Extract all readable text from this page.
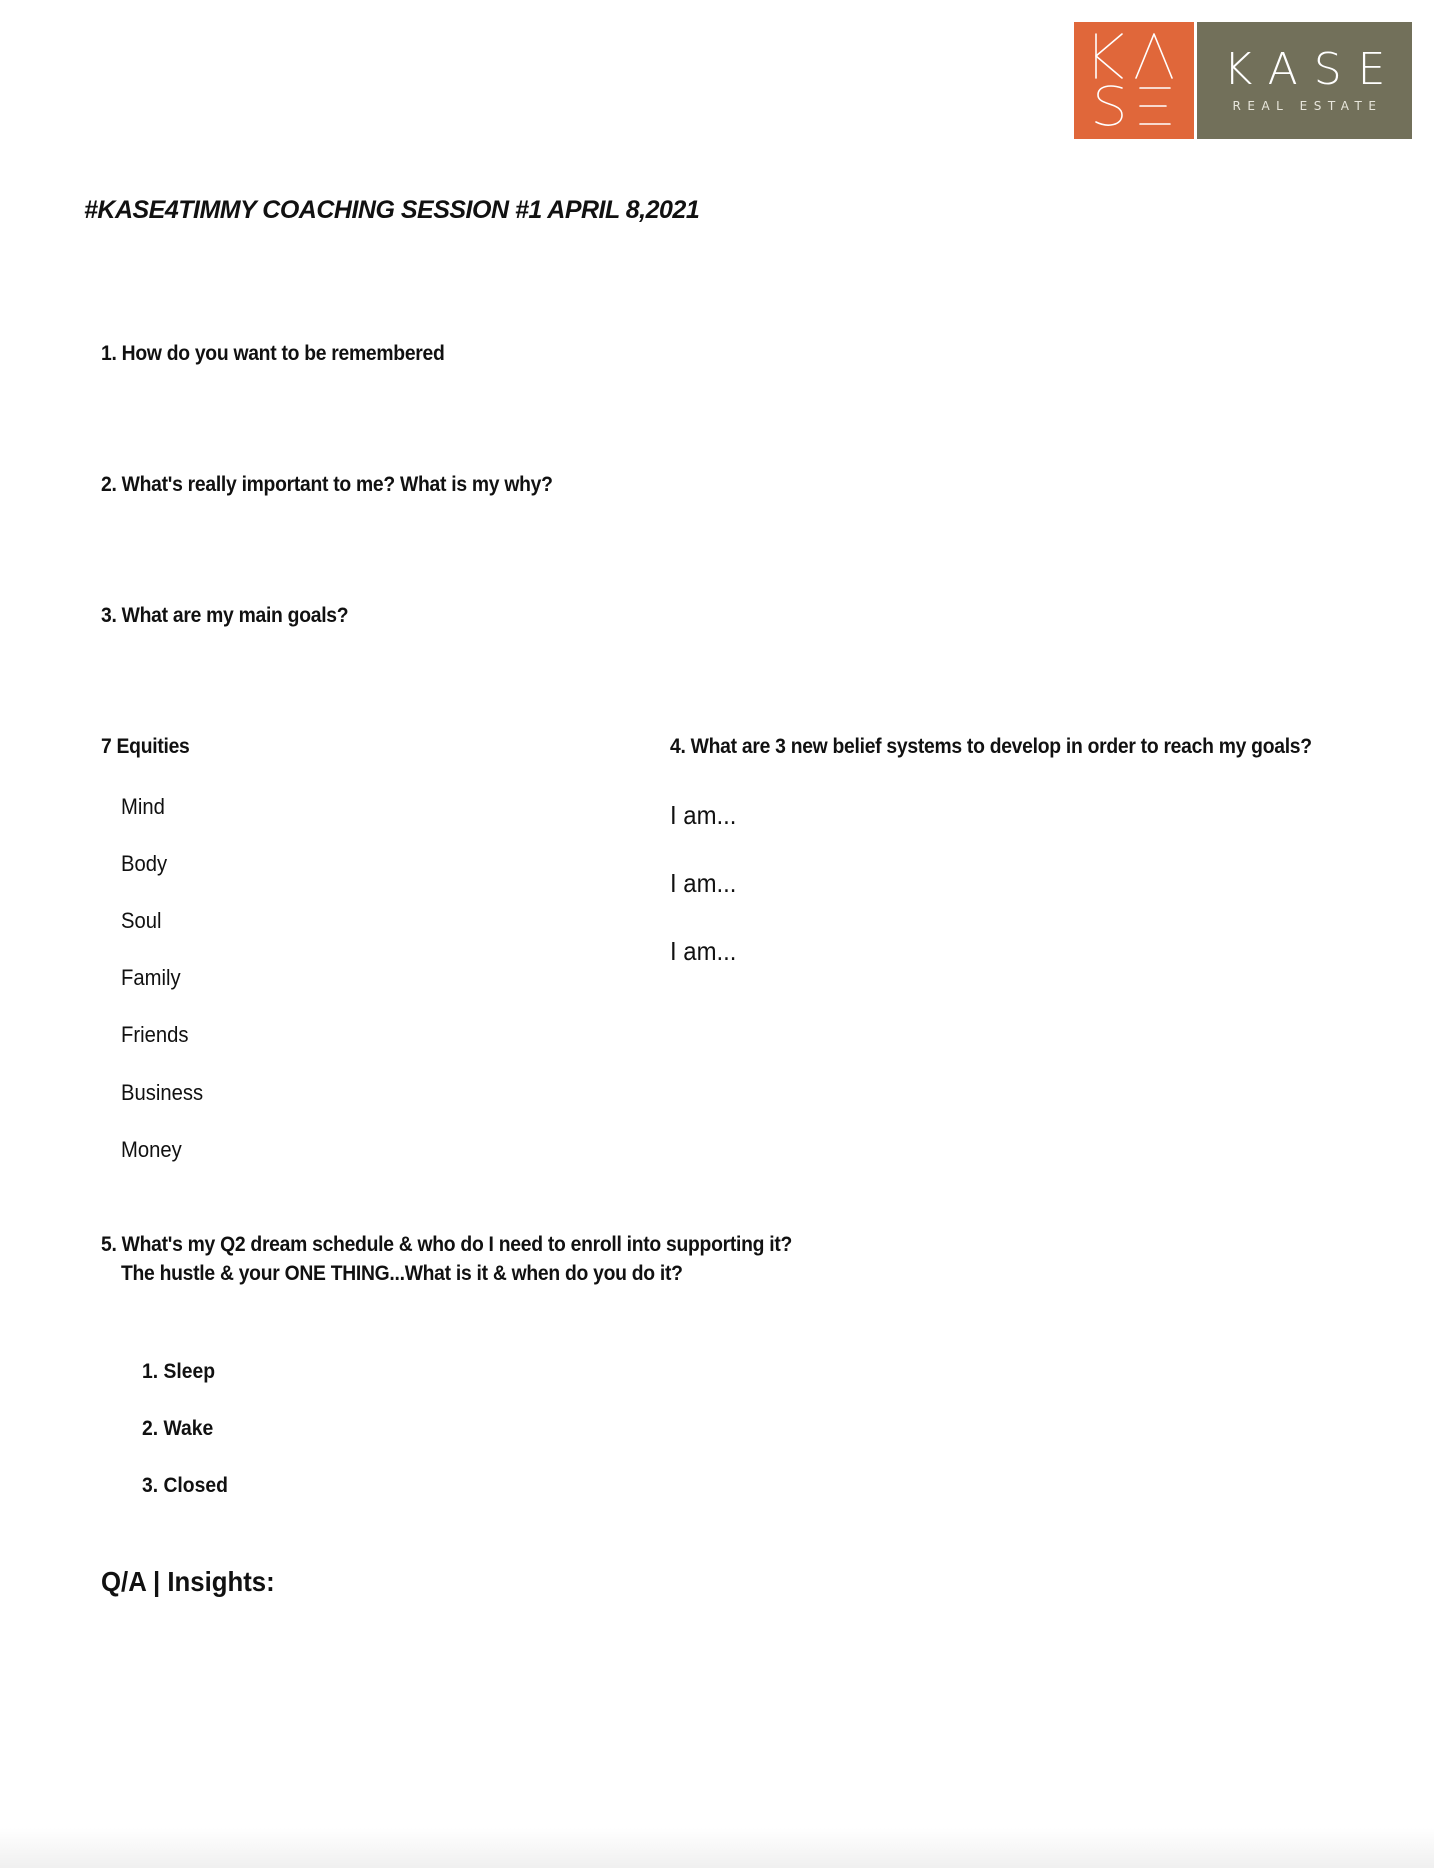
KASE
REAL ESTATE
#KASE4TIMMY COACHING SESSION #1 APRIL 8,2021
1. How do you want to be remembered
2. What's really important to me? What is my why?
3. What are my main goals?
7 Equities
Mind
Body
Soul
Family
Friends
Business
Money
4. What are 3 new belief systems to develop in order to reach my goals?
I am...
I am...
I am...
5. What's my Q2 dream schedule & who do I need to enroll into supporting it?
The hustle & your ONE THING...What is it & when do you do it?
1. Sleep
2. Wake
3. Closed
Q/A | Insights:
